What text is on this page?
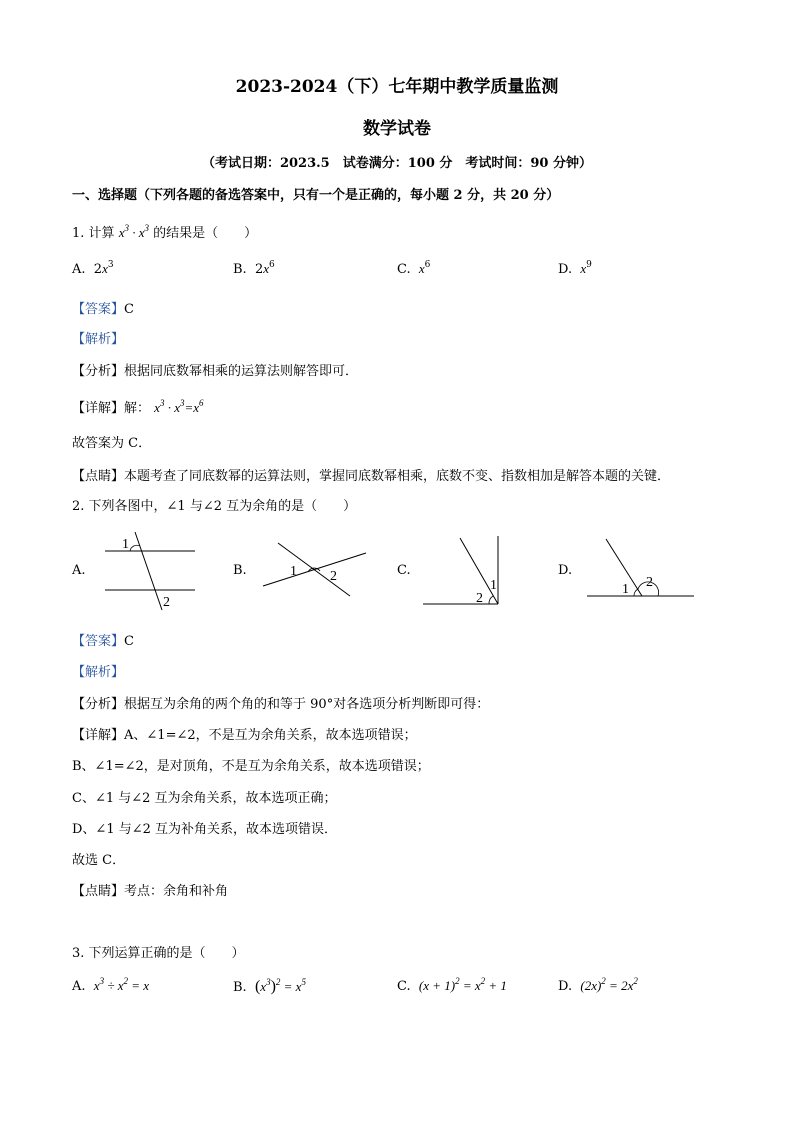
2023-2024（下）七年期中教学质量监测
数学试卷
（考试日期：2023.5　试卷满分：100 分　考试时间：90 分钟）
一、选择题（下列各题的备选答案中，只有一个是正确的，每小题 2 分，共 20 分）
1. 计算 $x^3 \cdot x^3$ 的结果是（　　）
A. $2x^3$	B. $2x^6$	C. $x^6$	D. $x^9$
【答案】C
【解析】
【分析】根据同底数幂相乘的运算法则解答即可．
【详解】解： $x^3 \cdot x^3=x^6$
故答案为 C．
【点睛】本题考查了同底数幂的运算法则，掌握同底数幂相乘，底数不变、指数相加是解答本题的关键．
2. 下列各图中，∠1 与∠2 互为余角的是（　　）
A.	B.	C.	D.
1
2
1 2
1
2
1 2
【答案】C
【解析】
【分析】根据互为余角的两个角的和等于 90°对各选项分析判断即可得：
【详解】A、∠1=∠2，不是互为余角关系，故本选项错误；
B、∠1=∠2，是对顶角，不是互为余角关系，故本选项错误；
C、∠1 与∠2 互为余角关系，故本选项正确；
D、∠1 与∠2 互为补角关系，故本选项错误．
故选 C．
【点睛】考点：余角和补角
3. 下列运算正确的是（　　）
A. $x^3 \div x^2 = x$	B. $(x^3)^2 = x^5$	C. $(x + 1)^2 = x^2 + 1$	D. $(2x)^2 = 2x^2$
